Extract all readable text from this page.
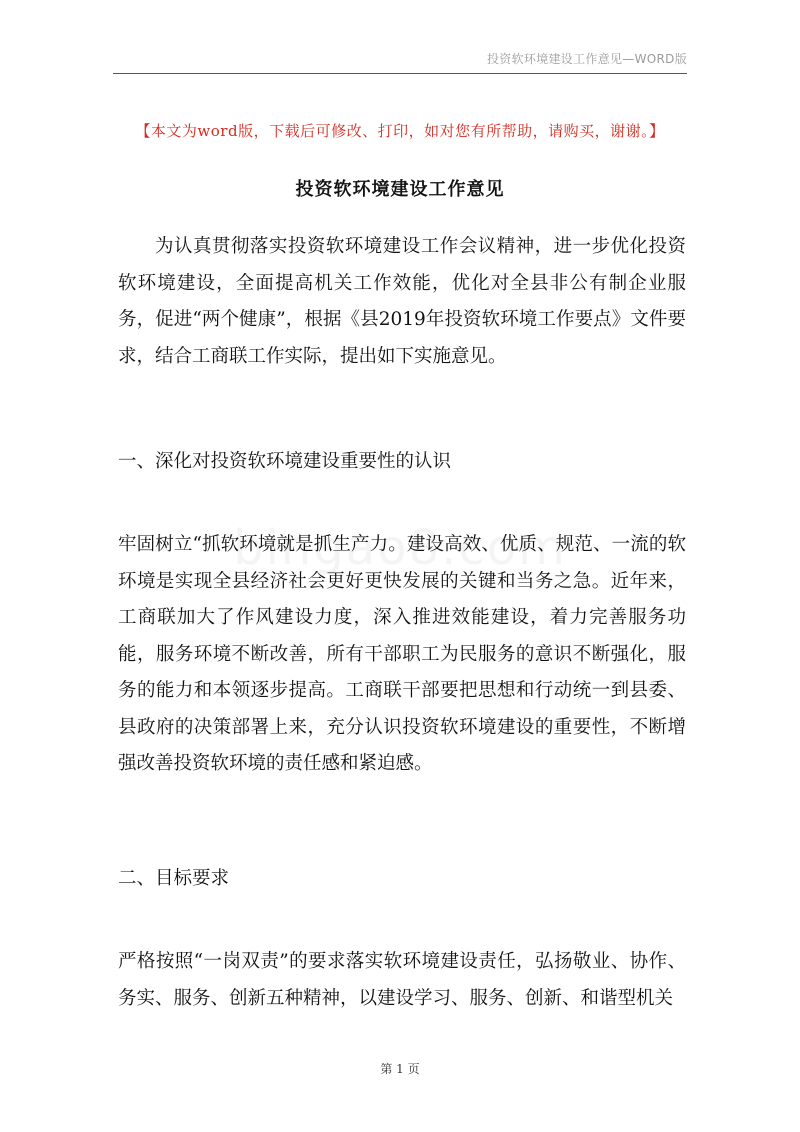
投资软环境建设工作意见—WORD版
【本文为word版，下载后可修改、打印，如对您有所帮助，请购买，谢谢。】
投资软环境建设工作意见

为认真贯彻落实投资软环境建设工作会议精神，进一步优化投资软环境建设，全面提高机关工作效能，优化对全县非公有制企业服务，促进“两个健康”，根据《县2019年投资软环境工作要点》文件要求，结合工商联工作实际，提出如下实施意见。

一、深化对投资软环境建设重要性的认识

牢固树立“抓软环境就是抓生产力。建设高效、优质、规范、一流的软环境是实现全县经济社会更好更快发展的关键和当务之急。近年来，工商联加大了作风建设力度，深入推进效能建设，着力完善服务功能，服务环境不断改善，所有干部职工为民服务的意识不断强化，服务的能力和本领逐步提高。工商联干部要把思想和行动统一到县委、县政府的决策部署上来，充分认识投资软环境建设的重要性，不断增强改善投资软环境的责任感和紧迫感。

二、目标要求

严格按照“一岗双责”的要求落实软环境建设责任，弘扬敬业、协作、务实、服务、创新五种精神，以建设学习、服务、创新、和谐型机关

第 1 页
